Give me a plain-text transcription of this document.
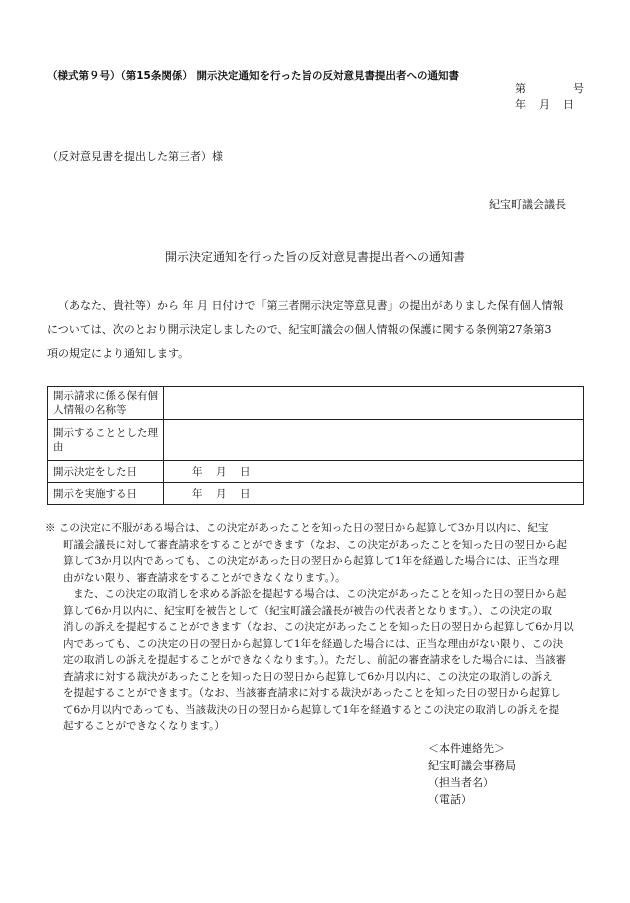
（様式第９号）（第15条関係） 開示決定通知を行った旨の反対意見書提出者への通知書
第	号
年 月 日
（反対意見書を提出した第三者）様
紀宝町議会議長
開示決定通知を行った旨の反対意見書提出者への通知書
（あなた、貴社等）から 年 月 日付けで「第三者開示決定等意見書」の提出がありました保有個人情報
については、次のとおり開示決定しましたので、紀宝町議会の個人情報の保護に関する条例第27条第3
項の規定により通知します。
開示請求に係る保有個人情報の名称等	
開示することとした理由	
開示決定をした日	年 月 日
開示を実施する日	年 月 日
※ この決定に不服がある場合は、この決定があったことを知った日の翌日から起算して3か月以内に、紀宝
町議会議長に対して審査請求をすることができます（なお、この決定があったことを知った日の翌日から起
算して3か月以内であっても、この決定があった日の翌日から起算して1年を経過した場合には、正当な理
由がない限り、審査請求をすることができなくなります。）。
また、この決定の取消しを求める訴訟を提起する場合は、この決定があったことを知った日の翌日から起
算して6か月以内に、紀宝町を被告として（紀宝町議会議長が被告の代表者となります。）、この決定の取
消しの訴えを提起することができます（なお、この決定があったことを知った日の翌日から起算して6か月以
内であっても、この決定の日の翌日から起算して1年を経過した場合には、正当な理由がない限り、この決
定の取消しの訴えを提起することができなくなります。）。ただし、前記の審査請求をした場合には、当該審
査請求に対する裁決があったことを知った日の翌日から起算して6か月以内に、この決定の取消しの訴え
を提起することができます。（なお、当該審査請求に対する裁決があったことを知った日の翌日から起算し
て6か月以内であっても、当該裁決の日の翌日から起算して1年を経過するとこの決定の取消しの訴えを提
起することができなくなります。）
＜本件連絡先＞
紀宝町議会事務局
（担当者名）
（電話）
